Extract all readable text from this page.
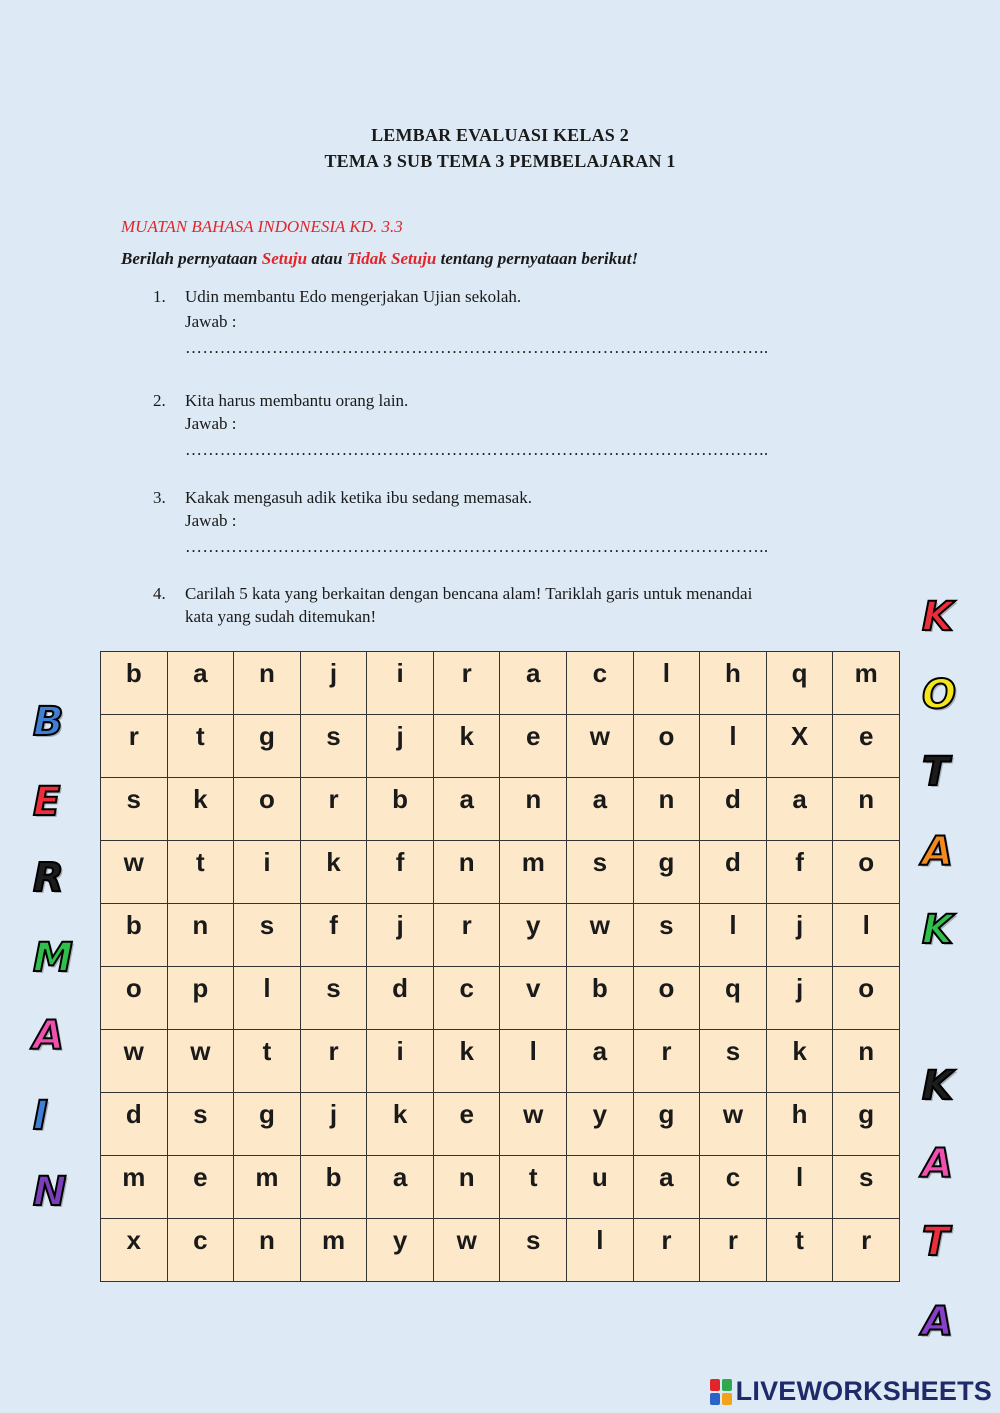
LEMBAR EVALUASI KELAS 2
TEMA 3 SUB TEMA 3 PEMBELAJARAN 1
MUATAN BAHASA INDONESIA KD. 3.3
Berilah pernyataan Setuju atau Tidak Setuju tentang pernyataan berikut!
1. Udin membantu Edo mengerjakan Ujian sekolah.
Jawab :
………………………………………………………………………………………..
2. Kita harus membantu orang lain.
Jawab :
………………………………………………………………………………………..
3. Kakak mengasuh adik ketika ibu sedang memasak.
Jawab :
………………………………………………………………………………………..
4. Carilah 5 kata yang berkaitan dengan bencana alam! Tariklah garis untuk menandai
kata yang sudah ditemukan!
b	a	n	j	i	r	a	c	l	h	q	m
r	t	g	s	j	k	e	w	o	l	X	e
s	k	o	r	b	a	n	a	n	d	a	n
w	t	i	k	f	n	m	s	g	d	f	o
b	n	s	f	j	r	y	w	s	l	j	l
o	p	l	s	d	c	v	b	o	q	j	o
w	w	t	r	i	k	l	a	r	s	k	n
d	s	g	j	k	e	w	y	g	w	h	g
m	e	m	b	a	n	t	u	a	c	l	s
x	c	n	m	y	w	s	l	r	r	t	r
B
E
R
M
A
I
N
K
O
T
A
K
K
A
T
A
LIVEWORKSHEETS
